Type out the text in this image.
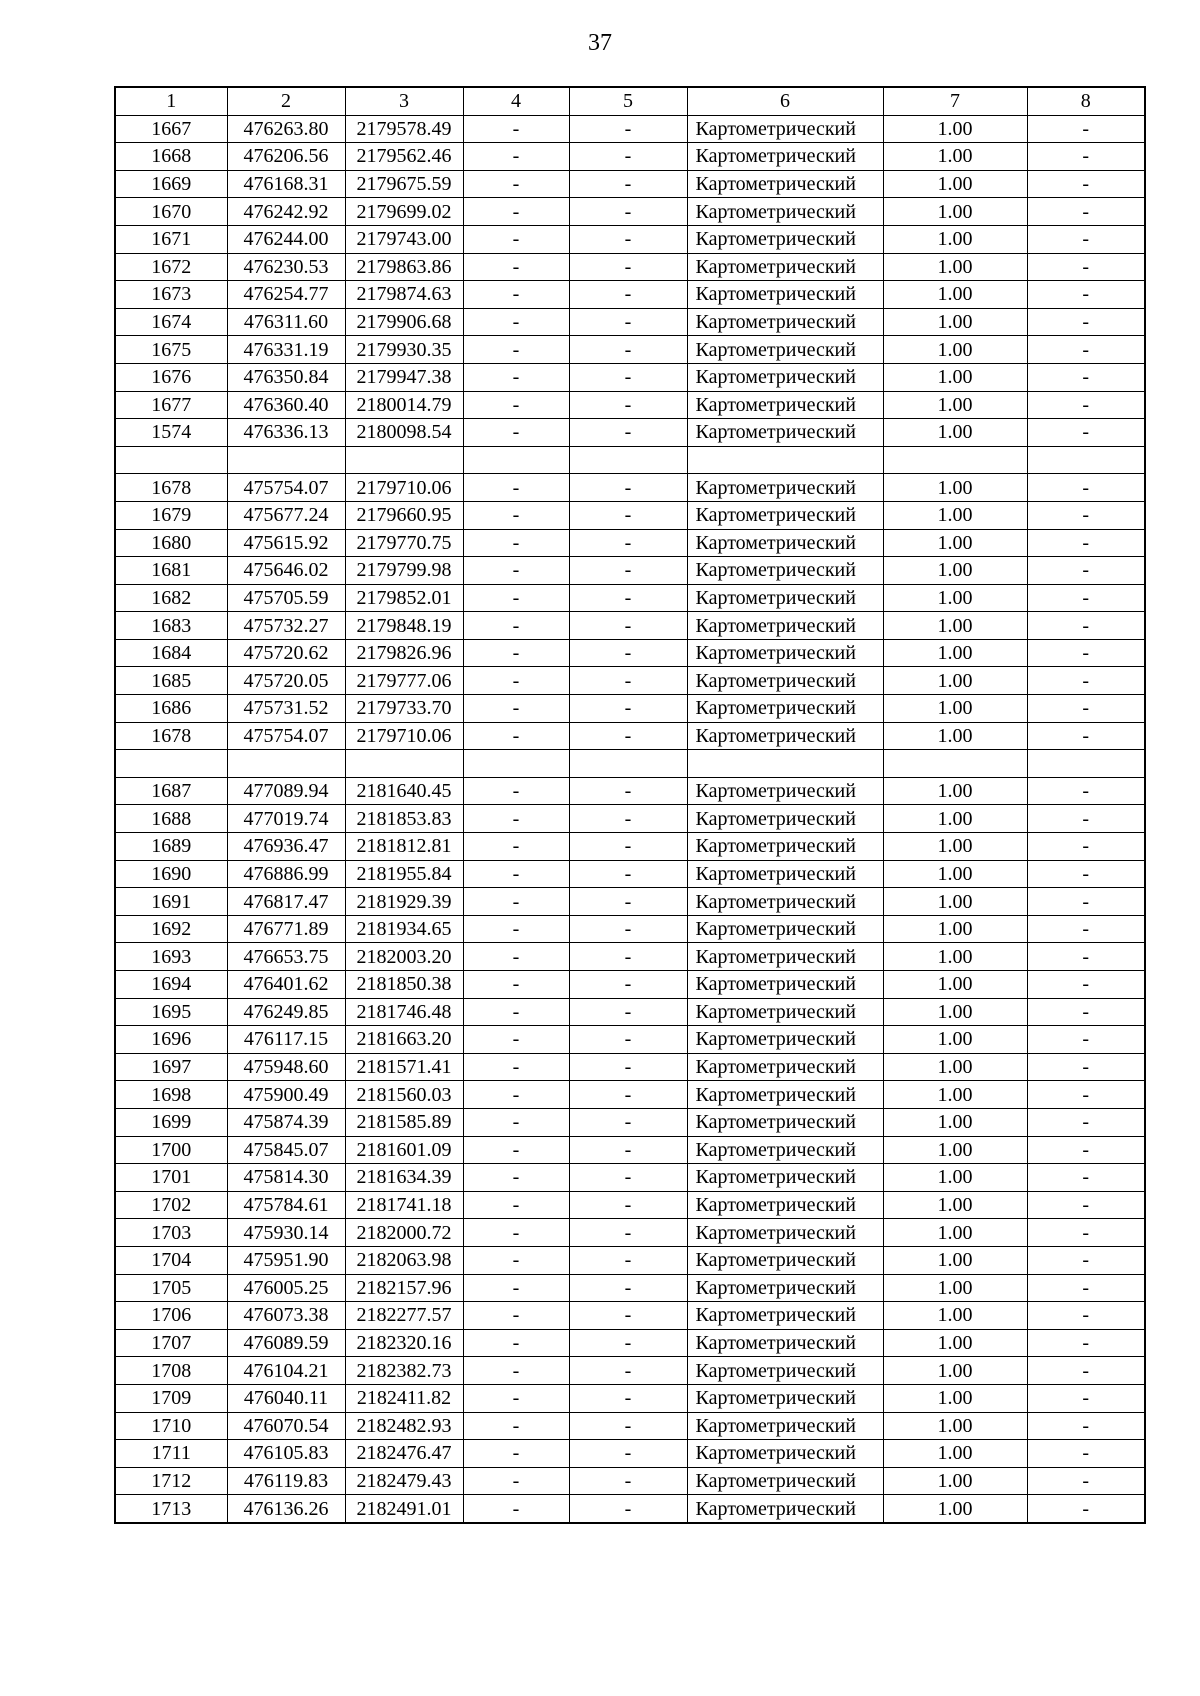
37
1	2	3	4	5	6	7	8
1667	476263.80	2179578.49	-	-	Картометрический	1.00	-
1668	476206.56	2179562.46	-	-	Картометрический	1.00	-
1669	476168.31	2179675.59	-	-	Картометрический	1.00	-
1670	476242.92	2179699.02	-	-	Картометрический	1.00	-
1671	476244.00	2179743.00	-	-	Картометрический	1.00	-
1672	476230.53	2179863.86	-	-	Картометрический	1.00	-
1673	476254.77	2179874.63	-	-	Картометрический	1.00	-
1674	476311.60	2179906.68	-	-	Картометрический	1.00	-
1675	476331.19	2179930.35	-	-	Картометрический	1.00	-
1676	476350.84	2179947.38	-	-	Картометрический	1.00	-
1677	476360.40	2180014.79	-	-	Картометрический	1.00	-
1574	476336.13	2180098.54	-	-	Картометрический	1.00	-

1678	475754.07	2179710.06	-	-	Картометрический	1.00	-
1679	475677.24	2179660.95	-	-	Картометрический	1.00	-
1680	475615.92	2179770.75	-	-	Картометрический	1.00	-
1681	475646.02	2179799.98	-	-	Картометрический	1.00	-
1682	475705.59	2179852.01	-	-	Картометрический	1.00	-
1683	475732.27	2179848.19	-	-	Картометрический	1.00	-
1684	475720.62	2179826.96	-	-	Картометрический	1.00	-
1685	475720.05	2179777.06	-	-	Картометрический	1.00	-
1686	475731.52	2179733.70	-	-	Картометрический	1.00	-
1678	475754.07	2179710.06	-	-	Картометрический	1.00	-

1687	477089.94	2181640.45	-	-	Картометрический	1.00	-
1688	477019.74	2181853.83	-	-	Картометрический	1.00	-
1689	476936.47	2181812.81	-	-	Картометрический	1.00	-
1690	476886.99	2181955.84	-	-	Картометрический	1.00	-
1691	476817.47	2181929.39	-	-	Картометрический	1.00	-
1692	476771.89	2181934.65	-	-	Картометрический	1.00	-
1693	476653.75	2182003.20	-	-	Картометрический	1.00	-
1694	476401.62	2181850.38	-	-	Картометрический	1.00	-
1695	476249.85	2181746.48	-	-	Картометрический	1.00	-
1696	476117.15	2181663.20	-	-	Картометрический	1.00	-
1697	475948.60	2181571.41	-	-	Картометрический	1.00	-
1698	475900.49	2181560.03	-	-	Картометрический	1.00	-
1699	475874.39	2181585.89	-	-	Картометрический	1.00	-
1700	475845.07	2181601.09	-	-	Картометрический	1.00	-
1701	475814.30	2181634.39	-	-	Картометрический	1.00	-
1702	475784.61	2181741.18	-	-	Картометрический	1.00	-
1703	475930.14	2182000.72	-	-	Картометрический	1.00	-
1704	475951.90	2182063.98	-	-	Картометрический	1.00	-
1705	476005.25	2182157.96	-	-	Картометрический	1.00	-
1706	476073.38	2182277.57	-	-	Картометрический	1.00	-
1707	476089.59	2182320.16	-	-	Картометрический	1.00	-
1708	476104.21	2182382.73	-	-	Картометрический	1.00	-
1709	476040.11	2182411.82	-	-	Картометрический	1.00	-
1710	476070.54	2182482.93	-	-	Картометрический	1.00	-
1711	476105.83	2182476.47	-	-	Картометрический	1.00	-
1712	476119.83	2182479.43	-	-	Картометрический	1.00	-
1713	476136.26	2182491.01	-	-	Картометрический	1.00	-
